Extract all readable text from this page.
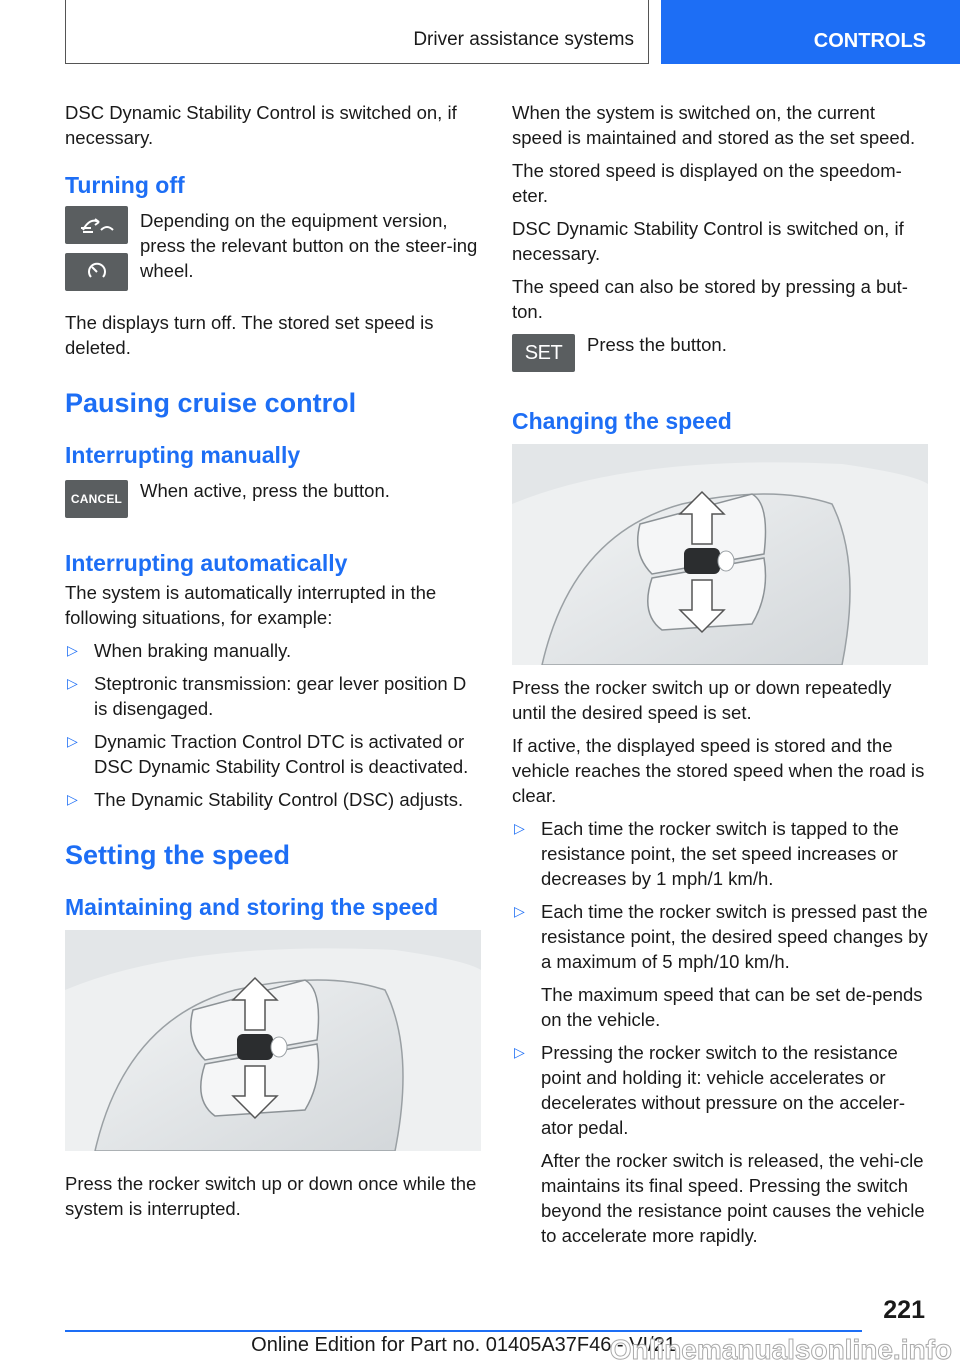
Driver assistance systems	CONTROLS

DSC Dynamic Stability Control is switched on, if necessary.

Turning off

Depending on the equipment version, press the relevant button on the steer-ing wheel.

The displays turn off. The stored set speed is deleted.

Pausing cruise control
Interrupting manually
CANCEL When active, press the button.

Interrupting automatically

The system is automatically interrupted in the following situations, for example:

▷ When braking manually.
▷ Steptronic transmission: gear lever position D is disengaged.
▷ Dynamic Traction Control DTC is activated or DSC Dynamic Stability Control is deactivated.
▷ The Dynamic Stability Control (DSC) adjusts.
Setting the speed
Maintaining and storing the speed

Press the rocker switch up or down once while the system is interrupted.

When the system is switched on, the current speed is maintained and stored as the set speed.

The stored speed is displayed on the speedom-eter.

DSC Dynamic Stability Control is switched on, if necessary.

The speed can also be stored by pressing a but-ton.

SET Press the button.

Changing the speed

Press the rocker switch up or down repeatedly until the desired speed is set.

If active, the displayed speed is stored and the vehicle reaches the stored speed when the road is clear.

▷ Each time the rocker switch is tapped to the resistance point, the set speed increases or decreases by 1 mph/1 km/h.
▷ Each time the rocker switch is pressed past the resistance point, the desired speed changes by a maximum of 5 mph/10 km/h.

The maximum speed that can be set de-pends on the vehicle.

▷ Pressing the rocker switch to the resistance point and holding it: vehicle accelerates or decelerates without pressure on the acceler-ator pedal.

After the rocker switch is released, the vehi-cle maintains its final speed. Pressing the switch beyond the resistance point causes the vehicle to accelerate more rapidly.

221
Online Edition for Part no. 01405A37F46 - VI/21
Onlinemanualsonline.info
